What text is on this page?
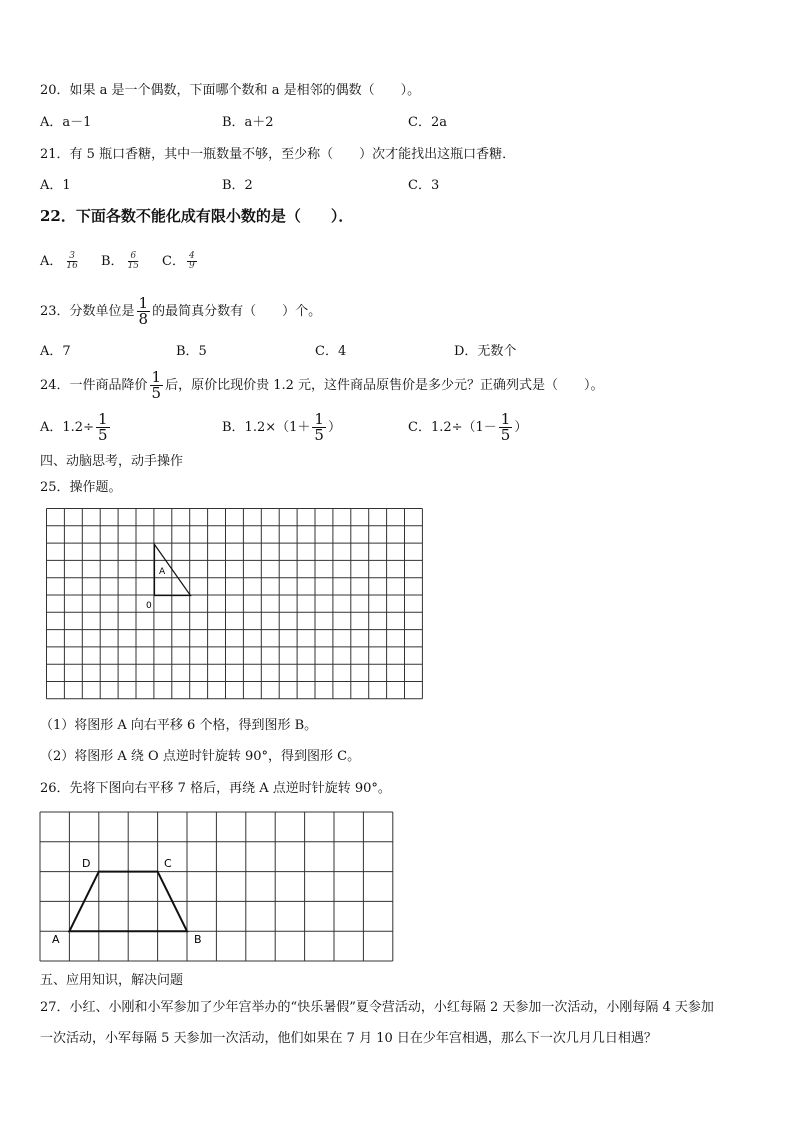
20．如果 a 是一个偶数，下面哪个数和 a 是相邻的偶数（　　）。
A．a－1	B．a＋2	C．2a
21．有 5 瓶口香糖，其中一瓶数量不够，至少称（　　）次才能找出这瓶口香糖．
A．1	B．2	C．3
22．下面各数不能化成有限小数的是（　　）．
A． $\frac{3}{16}$ B． $\frac{6}{15}$ C． $\frac{4}{9}$
23．分数单位是 $\frac{1}{8}$ 的最简真分数有（　　）个。
A．7	B．5	C．4	D．无数个
24．一件商品降价 $\frac{1}{5}$ 后，原价比现价贵 1.2 元，这件商品原售价是多少元？正确列式是（　　）。
A．$1.2\div \frac{1}{5}$	B．$1.2\times(1+ \frac{1}{5}$ ）	C．$1.2\div(1- \frac{1}{5}$ ）
四、动脑思考，动手操作
25．操作题。
A
0
（1）将图形 A 向右平移 6 个格，得到图形 B。
（2）将图形 A 绕 O 点逆时针旋转 90°，得到图形 C。
26．先将下图向右平移 7 格后，再绕 A 点逆时针旋转 90°。
A	B
C
D
五、应用知识，解决问题
27．小红、小刚和小军参加了少年宫举办的“快乐暑假”夏令营活动，小红每隔 2 天参加一次活动，小刚每隔 4 天参加
一次活动，小军每隔 5 天参加一次活动，他们如果在 7 月 10 日在少年宫相遇，那么下一次几月几日相遇？
